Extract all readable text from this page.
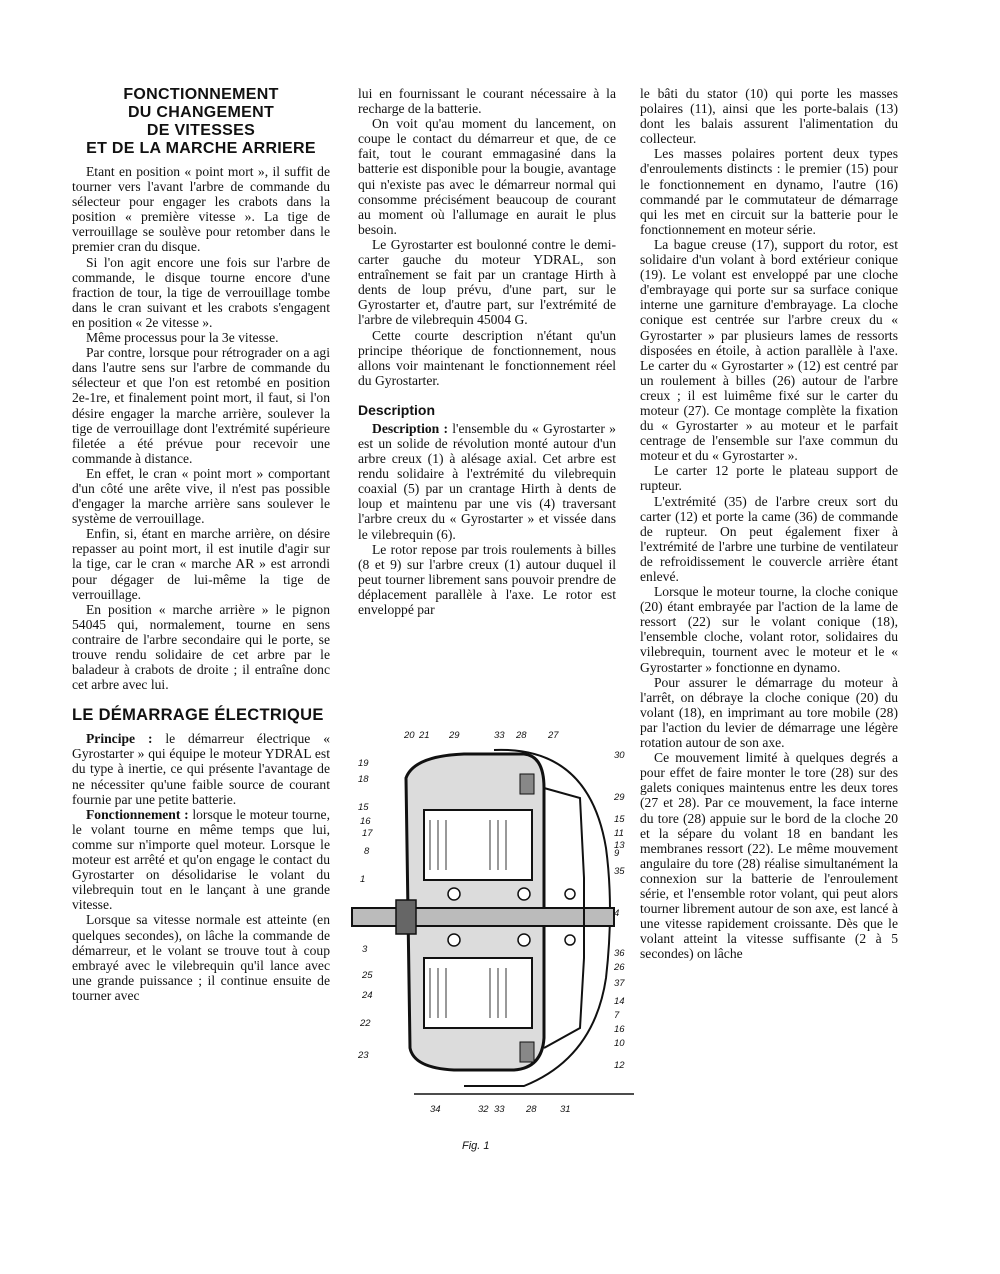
FONCTIONNEMENT
DU CHANGEMENT
DE VITESSES
ET DE LA MARCHE ARRIERE

Etant en position « point mort », il suffit de tourner vers l'avant l'arbre de commande du sélecteur pour engager les crabots dans la position « première vitesse ». La tige de verrouillage se soulève pour retomber dans le premier cran du disque.

Si l'on agit encore une fois sur l'arbre de commande, le disque tourne encore d'une fraction de tour, la tige de verrouillage tombe dans le cran suivant et les crabots s'engagent en position « 2e vitesse ».

Même processus pour la 3e vitesse.

Par contre, lorsque pour rétrograder on a agi dans l'autre sens sur l'arbre de commande du sélecteur et que l'on est retombé en position 2e-1re, et finalement point mort, il faut, si l'on désire engager la marche arrière, soulever la tige de verrouillage dont l'extrémité supérieure filetée a été prévue pour recevoir une commande à distance.

En effet, le cran « point mort » comportant d'un côté une arête vive, il n'est pas possible d'engager la marche arrière sans soulever le système de verrouillage.

Enfin, si, étant en marche arrière, on désire repasser au point mort, il est inutile d'agir sur la tige, car le cran « marche AR » est arrondi pour dégager de lui-même la tige de verrouillage.

En position « marche arrière » le pignon 54045 qui, normalement, tourne en sens contraire de l'arbre secondaire qui le porte, se trouve rendu solidaire de cet arbre par le baladeur à crabots de droite ; il entraîne donc cet arbre avec lui.

LE DÉMARRAGE ÉLECTRIQUE

Principe : le démarreur électrique « Gyrostarter » qui équipe le moteur YDRAL est du type à inertie, ce qui présente l'avantage de ne nécessiter qu'une faible source de courant fournie par une petite batterie.

Fonctionnement : lorsque le moteur tourne, le volant tourne en même temps que lui, comme sur n'importe quel moteur. Lorsque le moteur est arrêté et qu'on engage le contact du Gyrostarter on désolidarise le volant du vilebrequin tout en le lançant à une grande vitesse.

Lorsque sa vitesse normale est atteinte (en quelques secondes), on lâche la commande de démarreur, et le volant se trouve tout à coup embrayé avec le vilebrequin qu'il lance avec une grande puissance ; il continue ensuite de tourner avec

lui en fournissant le courant nécessaire à la recharge de la batterie.

On voit qu'au moment du lancement, on coupe le contact du démarreur et que, de ce fait, tout le courant emmagasiné dans la batterie est disponible pour la bougie, avantage qui n'existe pas avec le démarreur normal qui consomme précisément beaucoup de courant au moment où l'allumage en aurait le plus besoin.

Le Gyrostarter est boulonné contre le demi-carter gauche du moteur YDRAL, son entraînement se fait par un crantage Hirth à dents de loup prévu, d'une part, sur le Gyrostarter et, d'autre part, sur l'extrémité de l'arbre de vilebrequin 45004 G.

Cette courte description n'étant qu'un principe théorique de fonctionnement, nous allons voir maintenant le fonctionnement réel du Gyrostarter.

Description

Description : l'ensemble du « Gyrostarter » est un solide de révolution monté autour d'un arbre creux (1) à alésage axial. Cet arbre est rendu solidaire à l'extrémité du vilebrequin coaxial (5) par un crantage Hirth à dents de loup et maintenu par une vis (4) traversant l'arbre creux du « Gyrostarter » et vissée dans le vilebrequin (6).

Le rotor repose par trois roulements à billes (8 et 9) sur l'arbre creux (1) autour duquel il peut tourner librement sans pouvoir prendre de déplacement parallèle à l'axe. Le rotor est enveloppé par

le bâti du stator (10) qui porte les masses polaires (11), ainsi que les porte-balais (13) dont les balais assurent l'alimentation du collecteur.

Les masses polaires portent deux types d'enroulements distincts : le premier (15) pour le fonctionnement en dynamo, l'autre (16) commandé par le commutateur de démarrage qui les met en circuit sur la batterie pour le fonctionnement en moteur série.

La bague creuse (17), support du rotor, est solidaire d'un volant à bord extérieur conique (19). Le volant est enveloppé par une cloche d'embrayage qui porte sur sa surface conique interne une garniture d'embrayage. La cloche conique est centrée sur l'arbre creux du « Gyrostarter » par plusieurs lames de ressorts disposées en étoile, à action parallèle à l'axe. Le carter du « Gyrostarter » (12) est centré par un roulement à billes (26) autour de l'arbre creux ; il est luimême fixé sur le carter du moteur (27). Ce montage complète la fixation du « Gyrostarter » au moteur et le parfait centrage de l'ensemble sur l'axe commun du moteur et du « Gyrostarter ».

Le carter 12 porte le plateau support de rupteur.

L'extrémité (35) de l'arbre creux sort du carter (12) et porte la came (36) de commande de rupteur. On peut également fixer à l'extrémité de l'arbre une turbine de ventilateur de refroidissement le couvercle arrière étant enlevé.

Lorsque le moteur tourne, la cloche conique (20) étant embrayée par l'action de la lame de ressort (22) sur le volant conique (18), l'ensemble cloche, volant rotor, solidaires du vilebrequin, tournent avec le moteur et le « Gyrostarter » fonctionne en dynamo.

Pour assurer le démarrage du moteur à l'arrêt, on débraye la cloche conique (20) du volant (18), en imprimant au tore mobile (28) par l'action du levier de démarrage une légère rotation autour de son axe.

Ce mouvement limité à quelques degrés a pour effet de faire monter le tore (28) sur des galets coniques maintenus entre les deux tores (27 et 28). Par ce mouvement, la face interne du tore (28) appuie sur le bord de la cloche 20 et la sépare du volant 18 en bandant les membranes ressort (22). Le même mouvement angulaire du tore (28) réalise simultanément la connexion sur la batterie de l'enroulement série, et l'ensemble rotor volant, qui peut alors tourner librement autour de son axe, est lancé à une vitesse rapidement croissante. Dès que le volant atteint la vitesse suffisante (2 à 5 secondes) on lâche

20 21 29	33 28 27
19
18
15
16
17
8
1
3
25
24
22
23
30
29
15
11
13
9
35
4
36
26
37
14
7
16
10
12
34	32 33 28 31
Fig. 1
